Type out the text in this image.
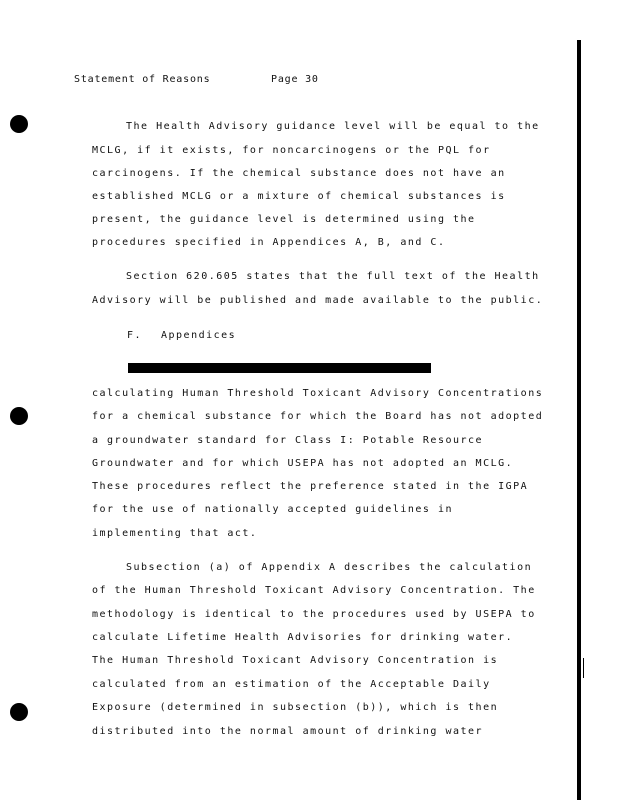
Statement of Reasons	Page 30
The Health Advisory guidance level will be equal to the
MCLG, if it exists, for noncarcinogens or the PQL for
carcinogens. If the chemical substance does not have an
established MCLG or a mixture of chemical substances is
present, the guidance level is determined using the
procedures specified in Appendices A, B, and C.
Section 620.605 states that the full text of the Health
Advisory will be published and made available to the public.
F. Appendices
calculating Human Threshold Toxicant Advisory Concentrations
for a chemical substance for which the Board has not adopted
a groundwater standard for Class I: Potable Resource
Groundwater and for which USEPA has not adopted an MCLG.
These procedures reflect the preference stated in the IGPA
for the use of nationally accepted guidelines in
implementing that act.
Subsection (a) of Appendix A describes the calculation
of the Human Threshold Toxicant Advisory Concentration. The
methodology is identical to the procedures used by USEPA to
calculate Lifetime Health Advisories for drinking water.
The Human Threshold Toxicant Advisory Concentration is
calculated from an estimation of the Acceptable Daily
Exposure (determined in subsection (b)), which is then
distributed into the normal amount of drinking water
